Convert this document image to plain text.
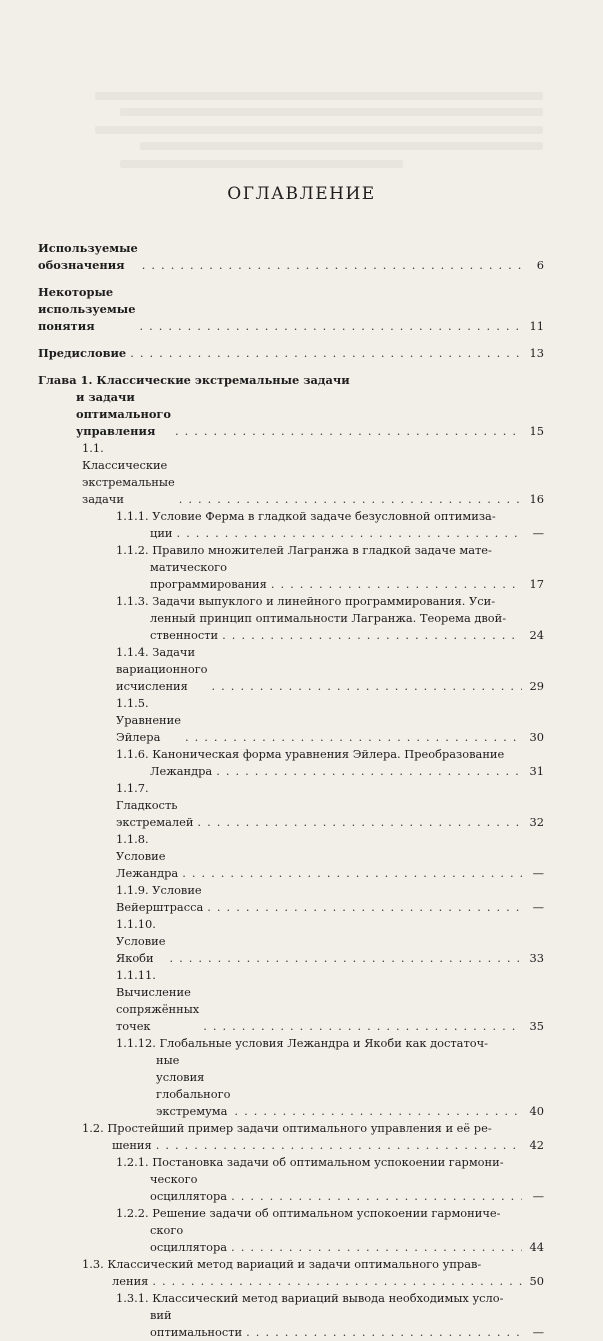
ОГЛАВЛЕНИЕ
Используемые обозначения . . .	6
Некоторые используемые понятия . . .	11
Предисловие . . .	13
Глава 1. Классические экстремальные задачи
и задачи оптимального управления . . .	15
1.1. Классические экстремальные задачи . . .	16
1.1.1. Условие Ферма в гладкой задаче безусловной оптимиза-
ции . . .	—
1.1.2. Правило множителей Лагранжа в гладкой задаче мате-
матического программирования . . .	17
1.1.3. Задачи выпуклого и линейного программирования. Уси-
ленный принцип оптимальности Лагранжа. Теорема двой-
ственности . . .	24
1.1.4. Задачи вариационного исчисления . . .	29
1.1.5. Уравнение Эйлера . . .	30
1.1.6. Каноническая форма уравнения Эйлера. Преобразование
Лежандра . . .	31
1.1.7. Гладкость экстремалей . . .	32
1.1.8. Условие Лежандра . . .	—
1.1.9. Условие Вейерштрасса . . .	—
1.1.10. Условие Якоби . . .	33
1.1.11. Вычисление сопряжённых точек . . .	35
1.1.12. Глобальные условия Лежандра и Якоби как достаточ-
ные условия глобального экстремума . . .	40
1.2. Простейший пример задачи оптимального управления и её ре-
шения . . .	42
1.2.1. Постановка задачи об оптимальном успокоении гармони-
ческого осциллятора . . .	—
1.2.2. Решение задачи об оптимальном успокоении гармониче-
ского осциллятора . . .	44
1.3. Классический метод вариаций и задачи оптимального управ-
ления . . .	50
1.3.1. Классический метод вариаций вывода необходимых усло-
вий оптимальности . . .	—
